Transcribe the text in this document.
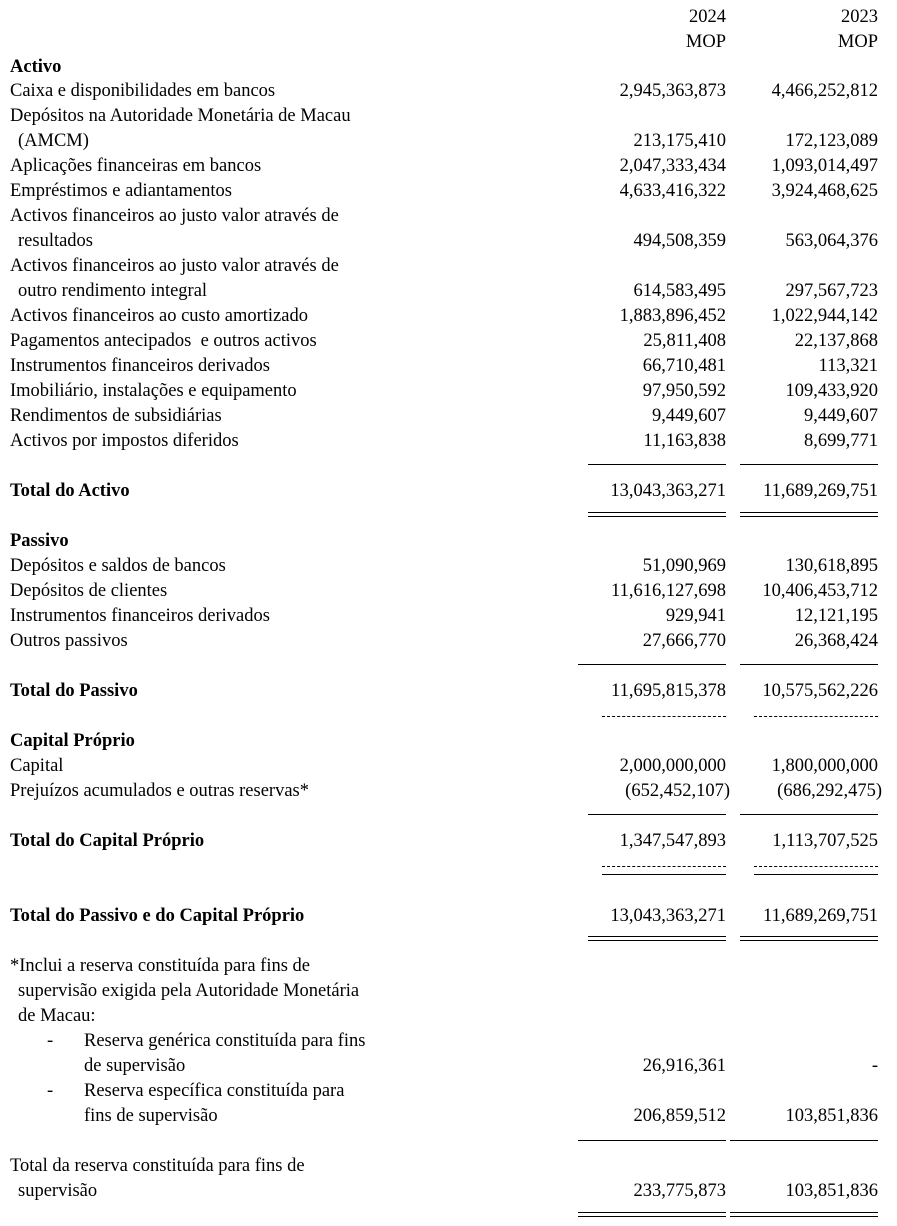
2024	2023
MOP	MOP
Activo
Caixa e disponibilidades em bancos	2,945,363,873 4,466,252,812
Depósitos na Autoridade Monetária de Macau
(AMCM)	213,175,410	172,123,089
Aplicações financeiras em bancos	2,047,333,434 1,093,014,497
Empréstimos e adiantamentos	4,633,416,322 3,924,468,625
Activos financeiros ao justo valor através de
resultados	494,508,359	563,064,376
Activos financeiros ao justo valor através de
outro rendimento integral	614,583,495	297,567,723
Activos financeiros ao custo amortizado	1,883,896,452 1,022,944,142
Pagamentos antecipados  e outros activos	25,811,408	22,137,868
Instrumentos financeiros derivados	66,710,481	113,321
Imobiliário, instalações e equipamento	97,950,592	109,433,920
Rendimentos de subsidiárias	9,449,607	9,449,607
Activos por impostos diferidos	11,163,838	8,699,771
Total do Activo	13,043,363,271 11,689,269,751
Passivo
Depósitos e saldos de bancos	51,090,969	130,618,895
Depósitos de clientes	11,616,127,698 10,406,453,712
Instrumentos financeiros derivados	929,941	12,121,195
Outros passivos	27,666,770	26,368,424
Total do Passivo	11,695,815,378 10,575,562,226
Capital Próprio
Capital	2,000,000,000 1,800,000,000
Prejuízos acumulados e outras reservas*	(652,452,107)	(686,292,475)
Total do Capital Próprio	1,347,547,893	1,113,707,525
Total do Passivo e do Capital Próprio	13,043,363,271 11,689,269,751
*Inclui a reserva constituída para fins de
supervisão exigida pela Autoridade Monetária
de Macau:
- Reserva genérica constituída para fins
de supervisão	26,916,361	-
- Reserva específica constituída para
fins de supervisão	206,859,512	103,851,836
Total da reserva constituída para fins de
supervisão	233,775,873	103,851,836
